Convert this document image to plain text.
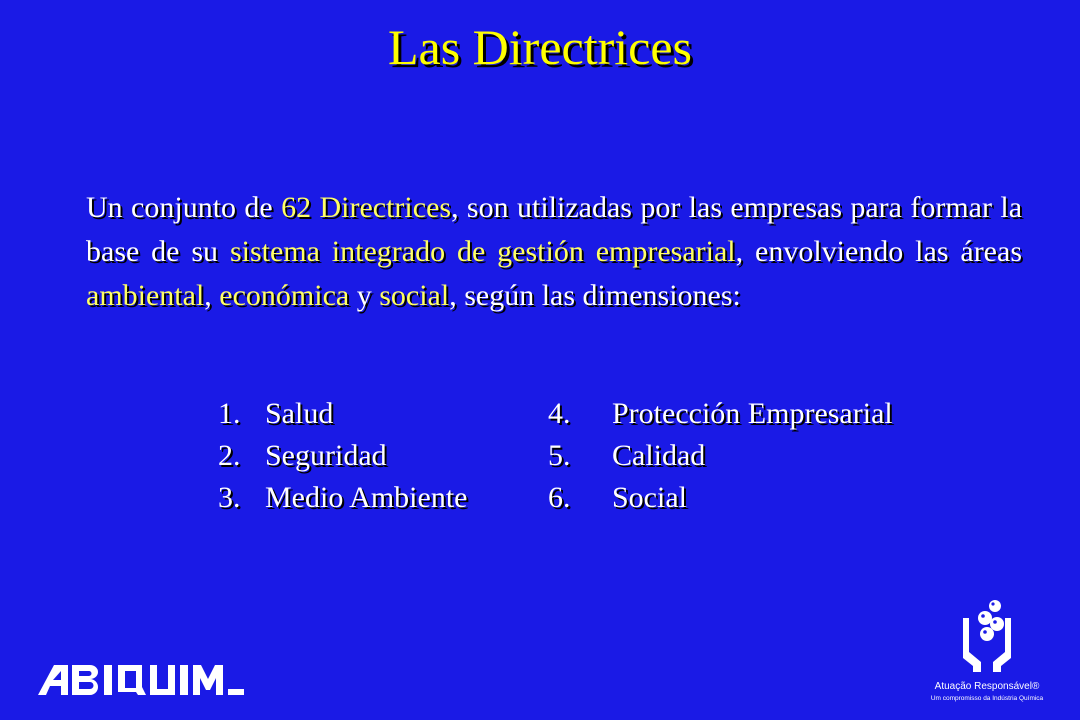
Las Directrices
Un conjunto de 62 Directrices, son utilizadas por las empresas para formar la base de su sistema integrado de gestión empresarial, envolviendo las áreas ambiental, económica y social, según las dimensiones:
1. Salud
2. Seguridad
3. Medio Ambiente
4.	Protección Empresarial
5.	Calidad
6.	Social
Atuação Responsável®
Um compromisso da Indústria Química
